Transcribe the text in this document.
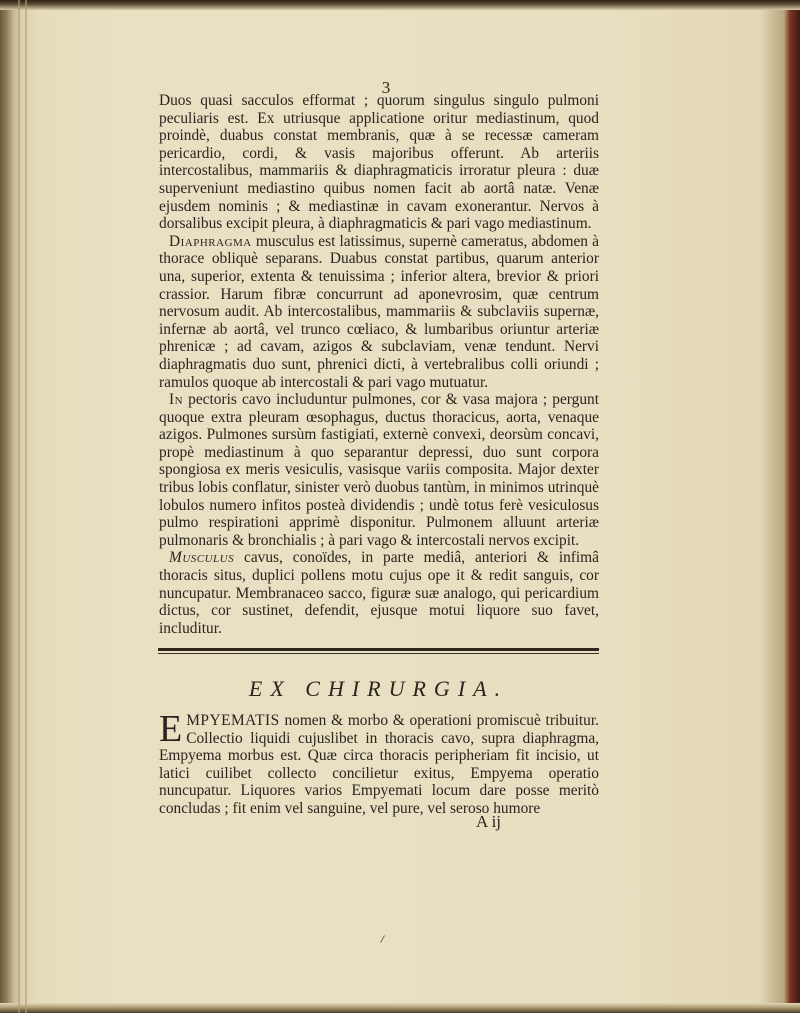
3

Duos quasi sacculos efformat ; quorum singulus singulo pulmoni peculiaris est. Ex utriusque applicatione oritur mediastinum, quod proindè, duabus constat membranis, quæ à se recessæ cameram pericardio, cordi, & vasis majoribus offerunt. Ab arteriis intercostalibus, mammariis & diaphragmaticis irroratur pleura : duæ superveniunt mediastino quibus nomen facit ab aortâ natæ. Venæ ejusdem nominis ; & mediastinæ in cavam exonerantur. Nervos à dorsalibus excipit pleura, à diaphragmaticis & pari vago mediastinum.

Diaphragma musculus est latissimus, supernè cameratus, abdomen à thorace obliquè separans. Duabus constat partibus, quarum anterior una, superior, extenta & tenuissima ; inferior altera, brevior & priori crassior. Harum fibræ concurrunt ad aponevrosim, quæ centrum nervosum audit. Ab intercostalibus, mammariis & subclaviis supernæ, infernæ ab aortâ, vel trunco cœliaco, & lumbaribus oriuntur arteriæ phrenicæ ; ad cavam, azigos & subclaviam, venæ tendunt. Nervi diaphragmatis duo sunt, phrenici dicti, à vertebralibus colli oriundi ; ramulos quoque ab intercostali & pari vago mutuatur.

In pectoris cavo includuntur pulmones, cor & vasa majora ; pergunt quoque extra pleuram œsophagus, ductus thoracicus, aorta, venaque azigos. Pulmones sursùm fastigiati, externè convexi, deorsùm concavi, propè mediastinum à quo separantur depressi, duo sunt corpora spongiosa ex meris vesiculis, vasisque variis composita. Major dexter tribus lobis conflatur, sinister verò duobus tantùm, in minimos utrinquè lobulos numero infitos posteà dividendis ; undè totus ferè vesiculosus pulmo respirationi apprimè disponitur. Pulmonem alluunt arteriæ pulmonaris & bronchialis ; à pari vago & intercostali nervos excipit.

Musculus cavus, conoïdes, in parte mediâ, anteriori & infimâ thoracis situs, duplici pollens motu cujus ope it & redit sanguis, cor nuncupatur. Membranaceo sacco, figuræ suæ analogo, qui pericardium dictus, cor sustinet, defendit, ejusque motui liquore suo favet, includitur.

EX CHIRURGIA.
EMPYEMATIS nomen & morbo & operationi promiscuè tribuitur. Collectio liquidi cujuslibet in thoracis cavo, supra diaphragma, Empyema morbus est. Quæ circa thoracis peripheriam fit incisio, ut latici cuilibet collecto concilietur exitus, Empyema operatio nuncupatur. Liquores varios Empyemati locum dare posse meritò concludas ; fit enim vel sanguine, vel pure, vel seroso humore
A ij
